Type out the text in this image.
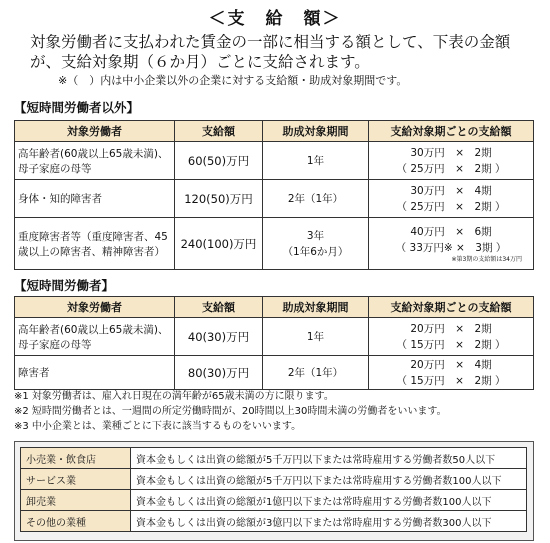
＜支　給　額＞
対象労働者に支払われた賃金の一部に相当する額として、下表の金額が、支給対象期（６か月）ごとに支給されます。
※（　）内は中小企業以外の企業に対する支給額・助成対象期間です。
【短時間労働者以外】
対象労働者	支給額	助成対象期間	支給対象期ごとの支給額
高年齢者(60歳以上65歳未満)、母子家庭の母等	60(50)万円	1年	30万円　×　2期
（ 25万円　×　2期 ）

身体・知的障害者	120(50)万円	2年（1年）	30万円　×　4期
（ 25万円　×　2期 ）

重度障害者等（重度障害者、45歳以上の障害者、精神障害者）	240(100)万円	3年
（1年6か月）	40万円　×　6期
（ 33万円※ ×　3期 ）
※第3期の支給額は34万円
【短時間労働者】
対象労働者	支給額	助成対象期間	支給対象期ごとの支給額
高年齢者(60歳以上65歳未満)、母子家庭の母等	40(30)万円	1年	20万円　×　2期
（ 15万円　×　2期 ）

障害者	80(30)万円	2年（1年）	20万円　×　4期
（ 15万円　×　2期 ）
※1 対象労働者は、雇入れ日現在の満年齢が65歳未満の方に限ります。
※2 短時間労働者とは、一週間の所定労働時間が、20時間以上30時間未満の労働者をいいます。
※3 中小企業とは、業種ごとに下表に該当するものをいいます。
小売業・飲食店	資本金もしくは出資の総額が5千万円以下または常時雇用する労働者数50人以下
サービス業	資本金もしくは出資の総額が5千万円以下または常時雇用する労働者数100人以下
卸売業	資本金もしくは出資の総額が1億円以下または常時雇用する労働者数100人以下
その他の業種	資本金もしくは出資の総額が3億円以下または常時雇用する労働者数300人以下
